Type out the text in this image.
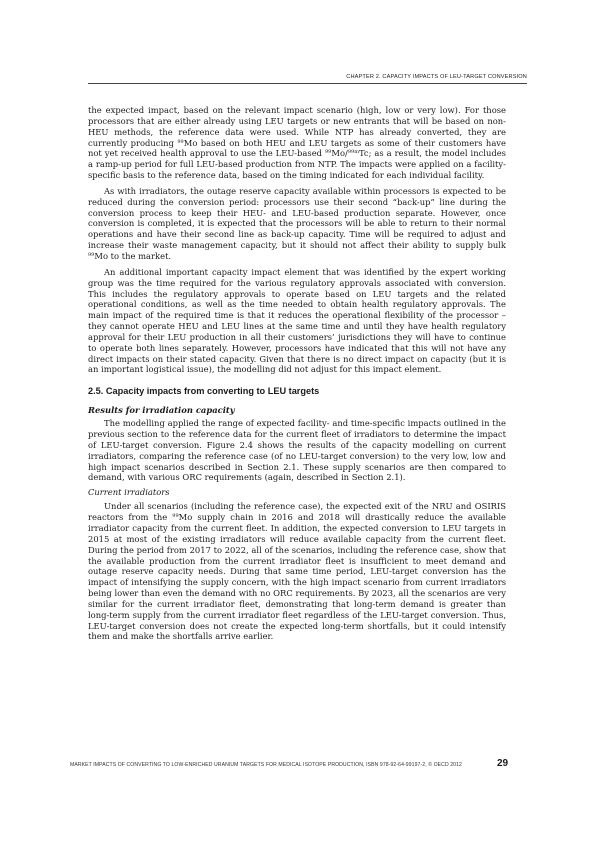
CHAPTER 2. CAPACITY IMPACTS OF LEU-TARGET CONVERSION

the expected impact, based on the relevant impact scenario (high, low or very low). For those processors that are either already using LEU targets or new entrants that will be based on non-HEU methods, the reference data were used. While NTP has already converted, they are currently producing $^{99}$Mo based on both HEU and LEU targets as some of their customers have not yet received health approval to use the LEU-based $^{99}$Mo/$^{99m}$Tc; as a result, the model includes a ramp-up period for full LEU-based production from NTP. The impacts were applied on a facility-specific basis to the reference data, based on the timing indicated for each individual facility.

As with irradiators, the outage reserve capacity available within processors is expected to be reduced during the conversion period: processors use their second “back-up” line during the conversion process to keep their HEU- and LEU-based production separate. However, once conversion is completed, it is expected that the processors will be able to return to their normal operations and have their second line as back-up capacity. Time will be required to adjust and increase their waste management capacity, but it should not affect their ability to supply bulk $^{99}$Mo to the market.

An additional important capacity impact element that was identified by the expert working group was the time required for the various regulatory approvals associated with conversion. This includes the regulatory approvals to operate based on LEU targets and the related operational conditions, as well as the time needed to obtain health regulatory approvals. The main impact of the required time is that it reduces the operational flexibility of the processor – they cannot operate HEU and LEU lines at the same time and until they have health regulatory approval for their LEU production in all their customers’ jurisdictions they will have to continue to operate both lines separately. However, processors have indicated that this will not have any direct impacts on their stated capacity. Given that there is no direct impact on capacity (but it is an important logistical issue), the modelling did not adjust for this impact element.

2.5. Capacity impacts from converting to LEU targets
Results for irradiation capacity

The modelling applied the range of expected facility- and time-specific impacts outlined in the previous section to the reference data for the current fleet of irradiators to determine the impact of LEU-target conversion. Figure 2.4 shows the results of the capacity modelling on current irradiators, comparing the reference case (of no LEU-target conversion) to the very low, low and high impact scenarios described in Section 2.1. These supply scenarios are then compared to demand, with various ORC requirements (again, described in Section 2.1).

Current irradiators

Under all scenarios (including the reference case), the expected exit of the NRU and OSIRIS reactors from the $^{99}$Mo supply chain in 2016 and 2018 will drastically reduce the available irradiator capacity from the current fleet. In addition, the expected conversion to LEU targets in 2015 at most of the existing irradiators will reduce available capacity from the current fleet. During the period from 2017 to 2022, all of the scenarios, including the reference case, show that the available production from the current irradiator fleet is insufficient to meet demand and outage reserve capacity needs. During that same time period, LEU-target conversion has the impact of intensifying the supply concern, with the high impact scenario from current irradiators being lower than even the demand with no ORC requirements. By 2023, all the scenarios are very similar for the current irradiator fleet, demonstrating that long-term demand is greater than long-term supply from the current irradiator fleet regardless of the LEU-target conversion. Thus, LEU-target conversion does not create the expected long-term shortfalls, but it could intensify them and make the shortfalls arrive earlier.

MARKET IMPACTS OF CONVERTING TO LOW-ENRICHED URANIUM TARGETS FOR MEDICAL ISOTOPE PRODUCTION, ISBN 978-92-64-99197-2, © OECD 2012	29
